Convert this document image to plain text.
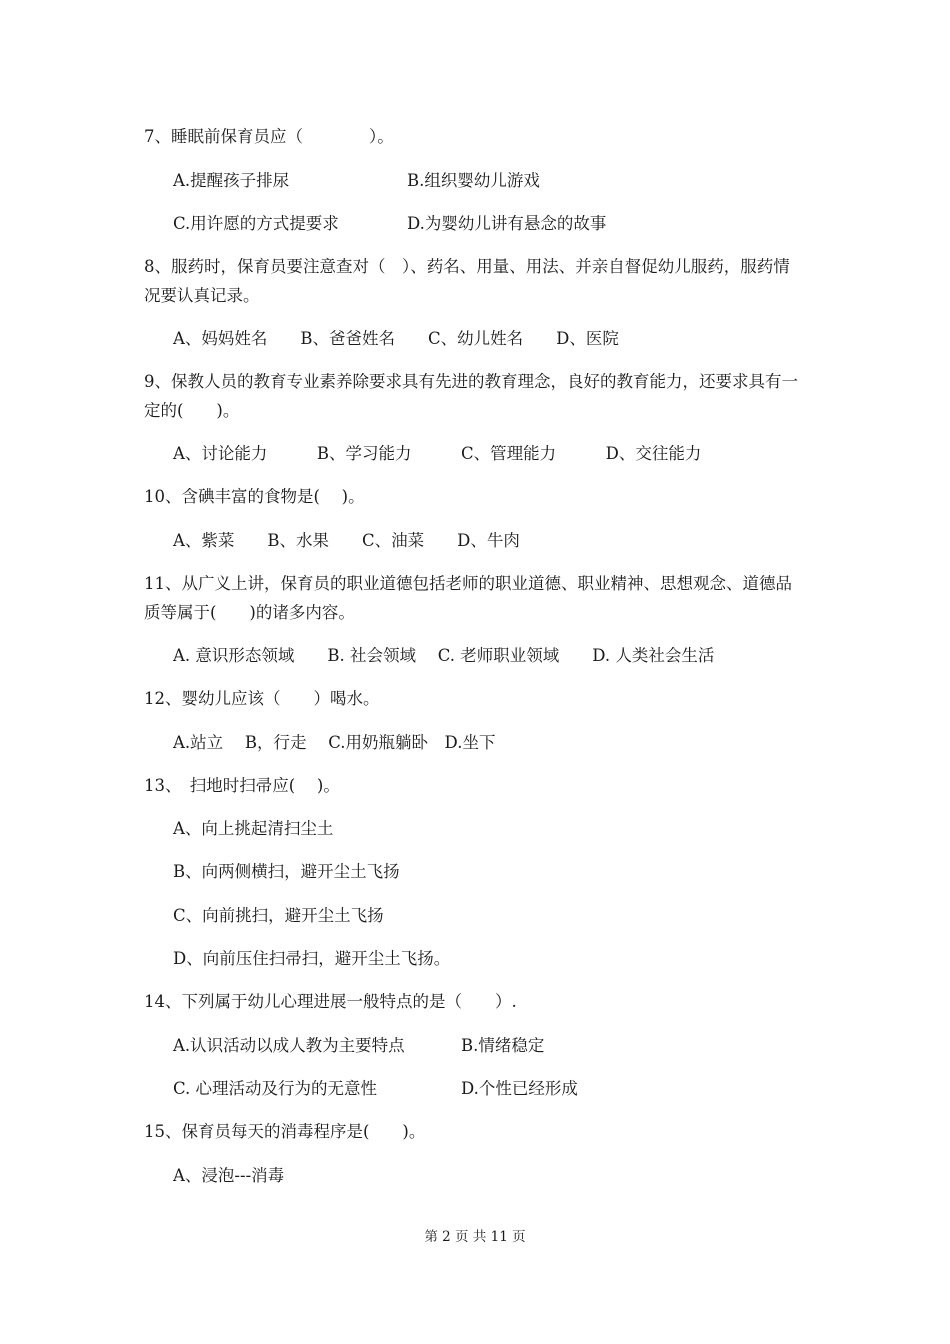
7、睡眠前保育员应（　　　　）。
A.提醒孩子排尿	B.组织婴幼儿游戏
C.用许愿的方式提要求	D.为婴幼儿讲有悬念的故事
8、服药时，保育员要注意查对（　）、药名、用量、用法、并亲自督促幼儿服药，服药情
况要认真记录。
A、妈妈姓名　　B、爸爸姓名　　C、幼儿姓名　　D、医院
9、保教人员的教育专业素养除要求具有先进的教育理念，良好的教育能力，还要求具有一
定的(　　)。
A、讨论能力　　　B、学习能力　　　C、管理能力　　　D、交往能力
10、含碘丰富的食物是(　 )。
A、紫菜　　B、水果　　C、油菜　　D、牛肉
11、从广义上讲，保育员的职业道德包括老师的职业道德、职业精神、思想观念、道德品
质等属于(　　)的诸多内容。
A. 意识形态领域　　B. 社会领域　 C. 老师职业领域　　D. 人类社会生活
12、婴幼儿应该（　　）喝水。
A.站立　 B，行走　 C.用奶瓶躺卧　D.坐下
13、　扫地时扫帚应(　 )。
A、向上挑起清扫尘土
B、向两侧横扫，避开尘土飞扬
C、向前挑扫，避开尘土飞扬
D、向前压住扫帚扫，避开尘土飞扬。
14、下列属于幼儿心理进展一般特点的是（　　）.
A.认识活动以成人教为主要特点	B.情绪稳定
C. 心理活动及行为的无意性	D.个性已经形成
15、保育员每天的消毒程序是(　　)。
A、浸泡---消毒
第 2 页 共 11 页
